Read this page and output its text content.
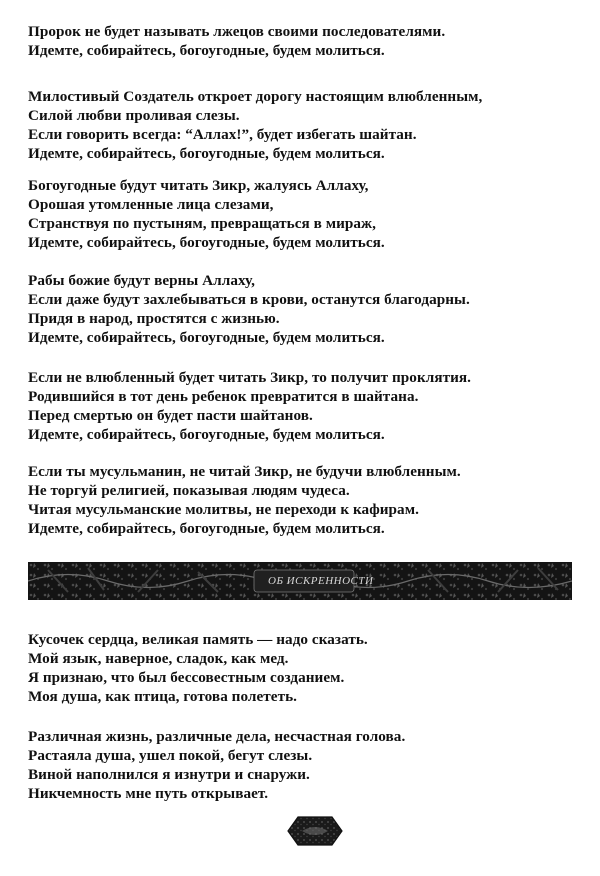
Пророк не будет называть лжецов своими последователями.
Идемте, собирайтесь, богоугодные, будем молиться.
Милостивый Создатель откроет дорогу настоящим влюбленным,
Силой любви проливая слезы.
Если говорить всегда: “Аллах!”, будет избегать шайтан.
Идемте, собирайтесь, богоугодные, будем молиться.
Богоугодные будут читать Зикр, жалуясь Аллаху,
Орошая утомленные лица слезами,
Странствуя по пустыням, превращаться в мираж,
Идемте, собирайтесь, богоугодные, будем молиться.
Рабы божие будут верны Аллаху,
Если даже будут захлебываться в крови, останутся благодарны.
Придя в народ, простятся с жизнью.
Идемте, собирайтесь, богоугодные, будем молиться.
Если не влюбленный будет читать Зикр, то получит проклятия.
Родившийся в тот день ребенок превратится в шайтана.
Перед смертью он будет пасти шайтанов.
Идемте, собирайтесь, богоугодные, будем молиться.
Если ты мусульманин, не читай Зикр, не будучи влюбленным.
Не торгуй религией, показывая людям чудеса.
Читая мусульманские молитвы, не переходи к кафирам.
Идемте, собирайтесь, богоугодные, будем молиться.
ОБ ИСКРЕННОСТИ
Кусочек сердца, великая память — надо сказать.
Мой язык, наверное, сладок, как мед.
Я признаю, что был бессовестным созданием.
Моя душа, как птица, готова полететь.
Различная жизнь, различные дела, несчастная голова.
Растаяла душа, ушел покой, бегут слезы.
Виной наполнился я изнутри и снаружи.
Никчемность мне путь открывает.
